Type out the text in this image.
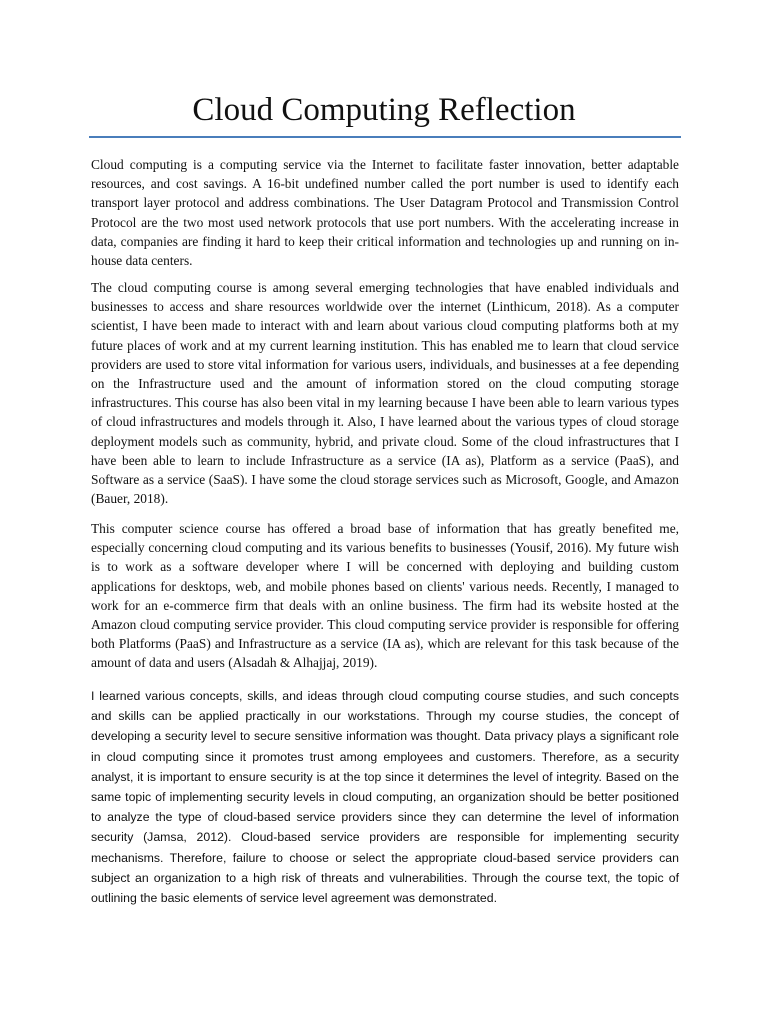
Cloud Computing Reflection

Cloud computing is a computing service via the Internet to facilitate faster innovation, better adaptable resources, and cost savings. A 16-bit undefined number called the port number is used to identify each transport layer protocol and address combinations. The User Datagram Protocol and Transmission Control Protocol are the two most used network protocols that use port numbers. With the accelerating increase in data, companies are finding it hard to keep their critical information and technologies up and running on in-house data centers.

The cloud computing course is among several emerging technologies that have enabled individuals and businesses to access and share resources worldwide over the internet (Linthicum, 2018). As a computer scientist, I have been made to interact with and learn about various cloud computing platforms both at my future places of work and at my current learning institution. This has enabled me to learn that cloud service providers are used to store vital information for various users, individuals, and businesses at a fee depending on the Infrastructure used and the amount of information stored on the cloud computing storage infrastructures. This course has also been vital in my learning because I have been able to learn various types of cloud infrastructures and models through it. Also, I have learned about the various types of cloud storage deployment models such as community, hybrid, and private cloud. Some of the cloud infrastructures that I have been able to learn to include Infrastructure as a service (IA as), Platform as a service (PaaS), and Software as a service (SaaS). I have some the cloud storage services such as Microsoft, Google, and Amazon (Bauer, 2018).

This computer science course has offered a broad base of information that has greatly benefited me, especially concerning cloud computing and its various benefits to businesses (Yousif, 2016). My future wish is to work as a software developer where I will be concerned with deploying and building custom applications for desktops, web, and mobile phones based on clients' various needs. Recently, I managed to work for an e-commerce firm that deals with an online business. The firm had its website hosted at the Amazon cloud computing service provider. This cloud computing service provider is responsible for offering both Platforms (PaaS) and Infrastructure as a service (IA as), which are relevant for this task because of the amount of data and users (Alsadah & Alhajjaj, 2019).

I learned various concepts, skills, and ideas through cloud computing course studies, and such concepts and skills can be applied practically in our workstations. Through my course studies, the concept of developing a security level to secure sensitive information was thought. Data privacy plays a significant role in cloud computing since it promotes trust among employees and customers. Therefore, as a security analyst, it is important to ensure security is at the top since it determines the level of integrity. Based on the same topic of implementing security levels in cloud computing, an organization should be better positioned to analyze the type of cloud-based service providers since they can determine the level of information security (Jamsa, 2012). Cloud-based service providers are responsible for implementing security mechanisms. Therefore, failure to choose or select the appropriate cloud-based service providers can subject an organization to a high risk of threats and vulnerabilities. Through the course text, the topic of outlining the basic elements of service level agreement was demonstrated.
